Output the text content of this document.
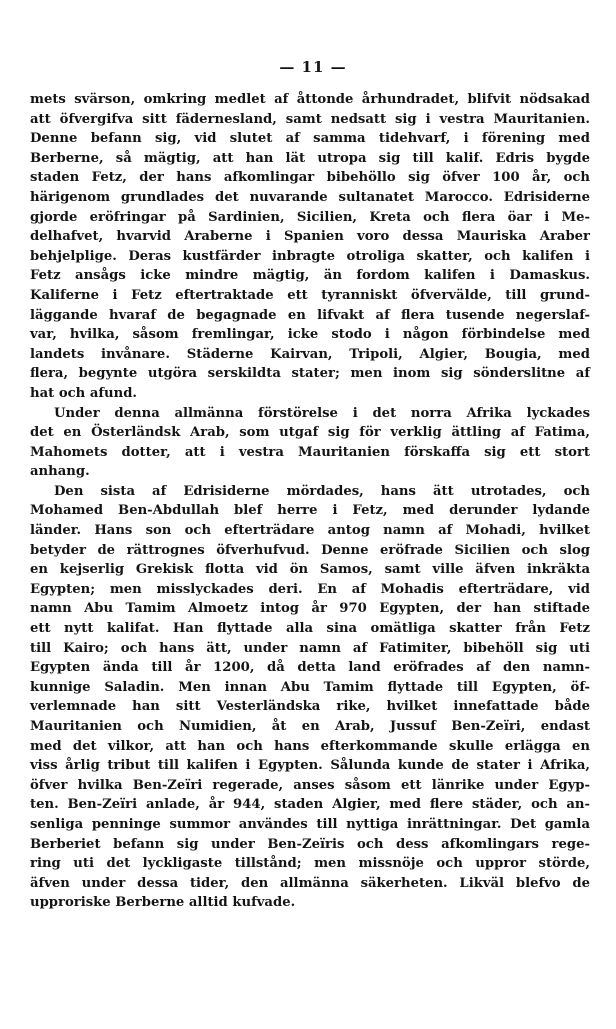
— 11 —

mets svärson, omkring medlet af åttonde århundradet, blifvit nödsakad
att öfvergifva sitt fädernesland, samt nedsatt sig i vestra Mauritanien.
Denne befann sig, vid slutet af samma tidehvarf, i förening med
Berberne, så mägtig, att han lät utropa sig till kalif. Edris bygde
staden Fetz, der hans afkomlingar bibehöllo sig öfver 100 år, och
härigenom grundlades det nuvarande sultanatet Marocco. Edrisiderne
gjorde eröfringar på Sardinien, Sicilien, Kreta och flera öar i Me-
delhafvet, hvarvid Araberne i Spanien voro dessa Mauriska Araber
behjelplige. Deras kustfärder inbragte otroliga skatter, och kalifen i
Fetz ansågs icke mindre mägtig, än fordom kalifen i Damaskus.
Kaliferne i Fetz eftertraktade ett tyranniskt öfvervälde, till grund-
läggande hvaraf de begagnade en lifvakt af flera tusende negerslaf-
var, hvilka, såsom fremlingar, icke stodo i någon förbindelse med
landets invånare. Städerne Kairvan, Tripoli, Algier, Bougia, med
flera, begynte utgöra serskildta stater; men inom sig sönderslitne af
hat och afund.

Under denna allmänna förstörelse i det norra Afrika lyckades
det en Österländsk Arab, som utgaf sig för verklig ättling af Fatima,
Mahomets dotter, att i vestra Mauritanien förskaffa sig ett stort
anhang.

Den sista af Edrisiderne mördades, hans ätt utrotades, och
Mohamed Ben-Abdullah blef herre i Fetz, med derunder lydande
länder. Hans son och efterträdare antog namn af Mohadi, hvilket
betyder de rättrognes öfverhufvud. Denne eröfrade Sicilien och slog
en kejserlig Grekisk flotta vid ön Samos, samt ville äfven inkräkta
Egypten; men misslyckades deri. En af Mohadis efterträdare, vid
namn Abu Tamim Almoetz intog år 970 Egypten, der han stiftade
ett nytt kalifat. Han flyttade alla sina omätliga skatter från Fetz
till Kairo; och hans ätt, under namn af Fatimiter, bibehöll sig uti
Egypten ända till år 1200, då detta land eröfrades af den namn-
kunnige Saladin. Men innan Abu Tamim flyttade till Egypten, öf-
verlemnade han sitt Vesterländska rike, hvilket innefattade både
Mauritanien och Numidien, åt en Arab, Jussuf Ben-Zeïri, endast
med det vilkor, att han och hans efterkommande skulle erlägga en
viss årlig tribut till kalifen i Egypten. Sålunda kunde de stater i Afrika,
öfver hvilka Ben-Zeïri regerade, anses såsom ett länrike under Egyp-
ten. Ben-Zeïri anlade, år 944, staden Algier, med flere städer, och an-
senliga penninge summor användes till nyttiga inrättningar. Det gamla
Berberiet befann sig under Ben-Zeïris och dess afkomlingars rege-
ring uti det lyckligaste tillstånd; men missnöje och uppror störde,
äfven under dessa tider, den allmänna säkerheten. Likväl blefvo de
upproriske Berberne alltid kufvade.
